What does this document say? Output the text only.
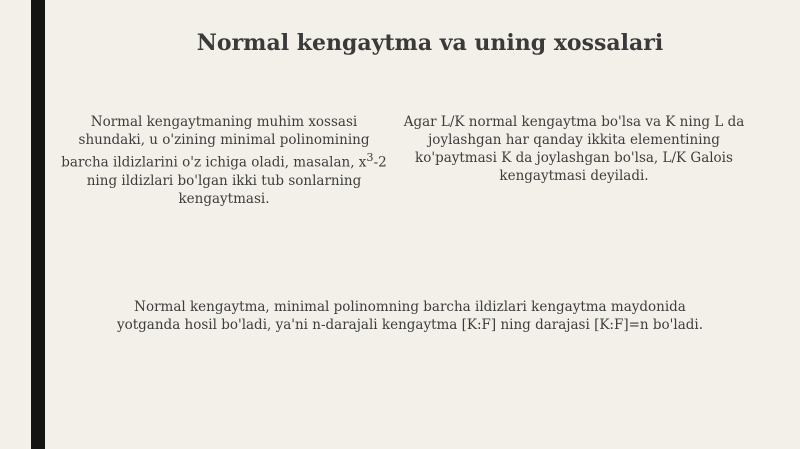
Normal kengaytma va uning xossalari

Normal kengaytmaning muhim xossasi shundaki, u o'zining minimal polinomining barcha ildizlarini o'z ichiga oladi, masalan, $x^3-2$ ning ildizlari bo'lgan ikki tub sonlarning kengaytmasi.

Agar L/K normal kengaytma bo'lsa va K ning L da joylashgan har qanday ikkita elementining ko'paytmasi K da joylashgan bo'lsa, L/K Galois kengaytmasi deyiladi.

Normal kengaytma, minimal polinomning barcha ildizlari kengaytma maydonida yotganda hosil bo'ladi, ya'ni n-darajali kengaytma [K:F] ning darajasi [K:F]=n bo'ladi.
